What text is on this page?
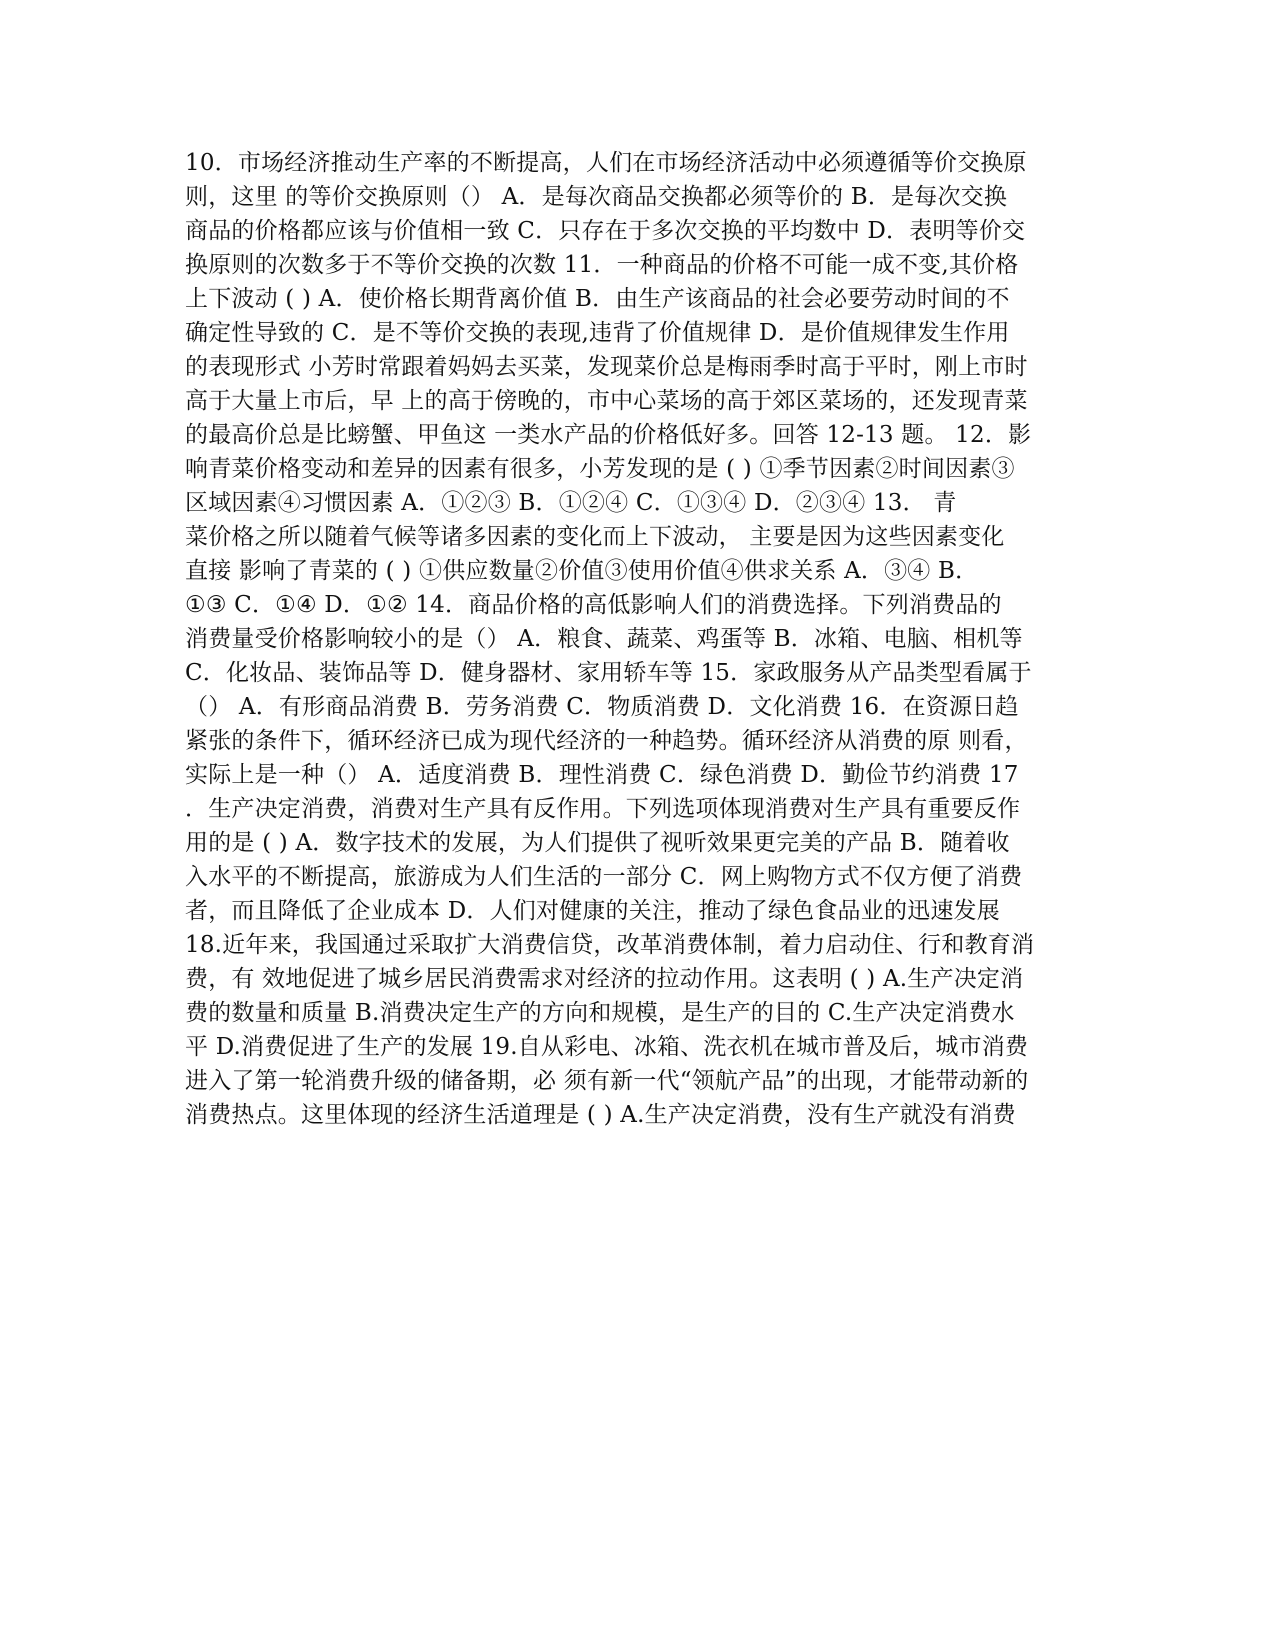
10．市场经济推动生产率的不断提高，人们在市场经济活动中必须遵循等价交换原
则，这里 的等价交换原则（） A．是每次商品交换都必须等价的 B．是每次交换
商品的价格都应该与价值相一致 C．只存在于多次交换的平均数中 D．表明等价交
换原则的次数多于不等价交换的次数 11．一种商品的价格不可能一成不变,其价格
上下波动 ( ) A．使价格长期背离价值 B．由生产该商品的社会必要劳动时间的不
确定性导致的 C．是不等价交换的表现,违背了价值规律 D．是价值规律发生作用
的表现形式 小芳时常跟着妈妈去买菜，发现菜价总是梅雨季时高于平时，刚上市时
高于大量上市后，早 上的高于傍晚的，市中心菜场的高于郊区菜场的，还发现青菜
的最高价总是比螃蟹、甲鱼这 一类水产品的价格低好多。回答 12-13 题。 12．影
响青菜价格变动和差异的因素有很多，小芳发现的是 ( ) ①季节因素②时间因素③
区域因素④习惯因素 A．①②③ B．①②④ C．①③④ D．②③④ 13． 青
菜价格之所以随着气候等诸多因素的变化而上下波动， 主要是因为这些因素变化
直接 影响了青菜的 ( ) ①供应数量②价值③使用价值④供求关系 A．③④ B．
①③ C．①④ D．①② 14．商品价格的高低影响人们的消费选择。下列消费品的
消费量受价格影响较小的是（） A．粮食、蔬菜、鸡蛋等 B．冰箱、电脑、相机等
C．化妆品、装饰品等 D．健身器材、家用轿车等 15．家政服务从产品类型看属于
（） A．有形商品消费 B．劳务消费 C．物质消费 D．文化消费 16．在资源日趋
紧张的条件下，循环经济已成为现代经济的一种趋势。循环经济从消费的原 则看，
实际上是一种（） A．适度消费 B．理性消费 C．绿色消费 D．勤俭节约消费 17
．生产决定消费，消费对生产具有反作用。下列选项体现消费对生产具有重要反作
用的是 ( ) A．数字技术的发展，为人们提供了视听效果更完美的产品 B．随着收
入水平的不断提高，旅游成为人们生活的一部分 C．网上购物方式不仅方便了消费
者，而且降低了企业成本 D．人们对健康的关注，推动了绿色食品业的迅速发展
18.近年来，我国通过采取扩大消费信贷，改革消费体制，着力启动住、行和教育消
费，有 效地促进了城乡居民消费需求对经济的拉动作用。这表明 ( ) A.生产决定消
费的数量和质量 B.消费决定生产的方向和规模，是生产的目的 C.生产决定消费水
平 D.消费促进了生产的发展 19.自从彩电、冰箱、洗衣机在城市普及后，城市消费
进入了第一轮消费升级的储备期，必 须有新一代“领航产品”的出现，才能带动新的
消费热点。这里体现的经济生活道理是 ( ) A.生产决定消费，没有生产就没有消费
